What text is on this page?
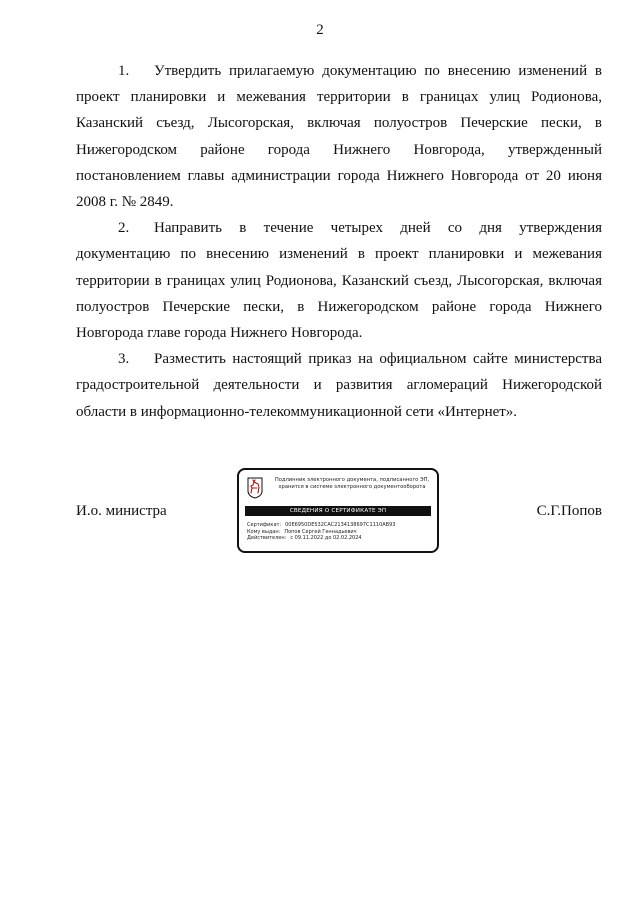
2

1. Утвердить прилагаемую документацию по внесению изменений в проект планировки и межевания территории в границах улиц Родионова, Казанский съезд, Лысогорская, включая полуостров Печерские пески, в Нижегородском районе города Нижнего Новгорода, утвержденный постановлением главы администрации города Нижнего Новгорода от 20 июня 2008 г. № 2849.

2. Направить в течение четырех дней со дня утверждения документацию по внесению изменений в проект планировки и межевания территории в границах улиц Родионова, Казанский съезд, Лысогорская, включая полуостров Печерские пески, в Нижегородском районе города Нижнего Новгорода главе города Нижнего Новгорода.

3. Разместить настоящий приказ на официальном сайте министерства градостроительной деятельности и развития агломераций Нижегородской области в информационно-телекоммуникационной сети «Интернет».

И.о. министра	С.Г.Попов
Подлинник электронного документа, подписанного ЭП,
хранится в системе электронного документооборота
СВЕДЕНИЯ О СЕРТИФИКАТЕ ЭП
Сертификат: 00E6950DE532CAC2134138697C1110AB93
Кому выдан: Попов Сергей Геннадьевич
Действителен: с 09.11.2022 до 02.02.2024
